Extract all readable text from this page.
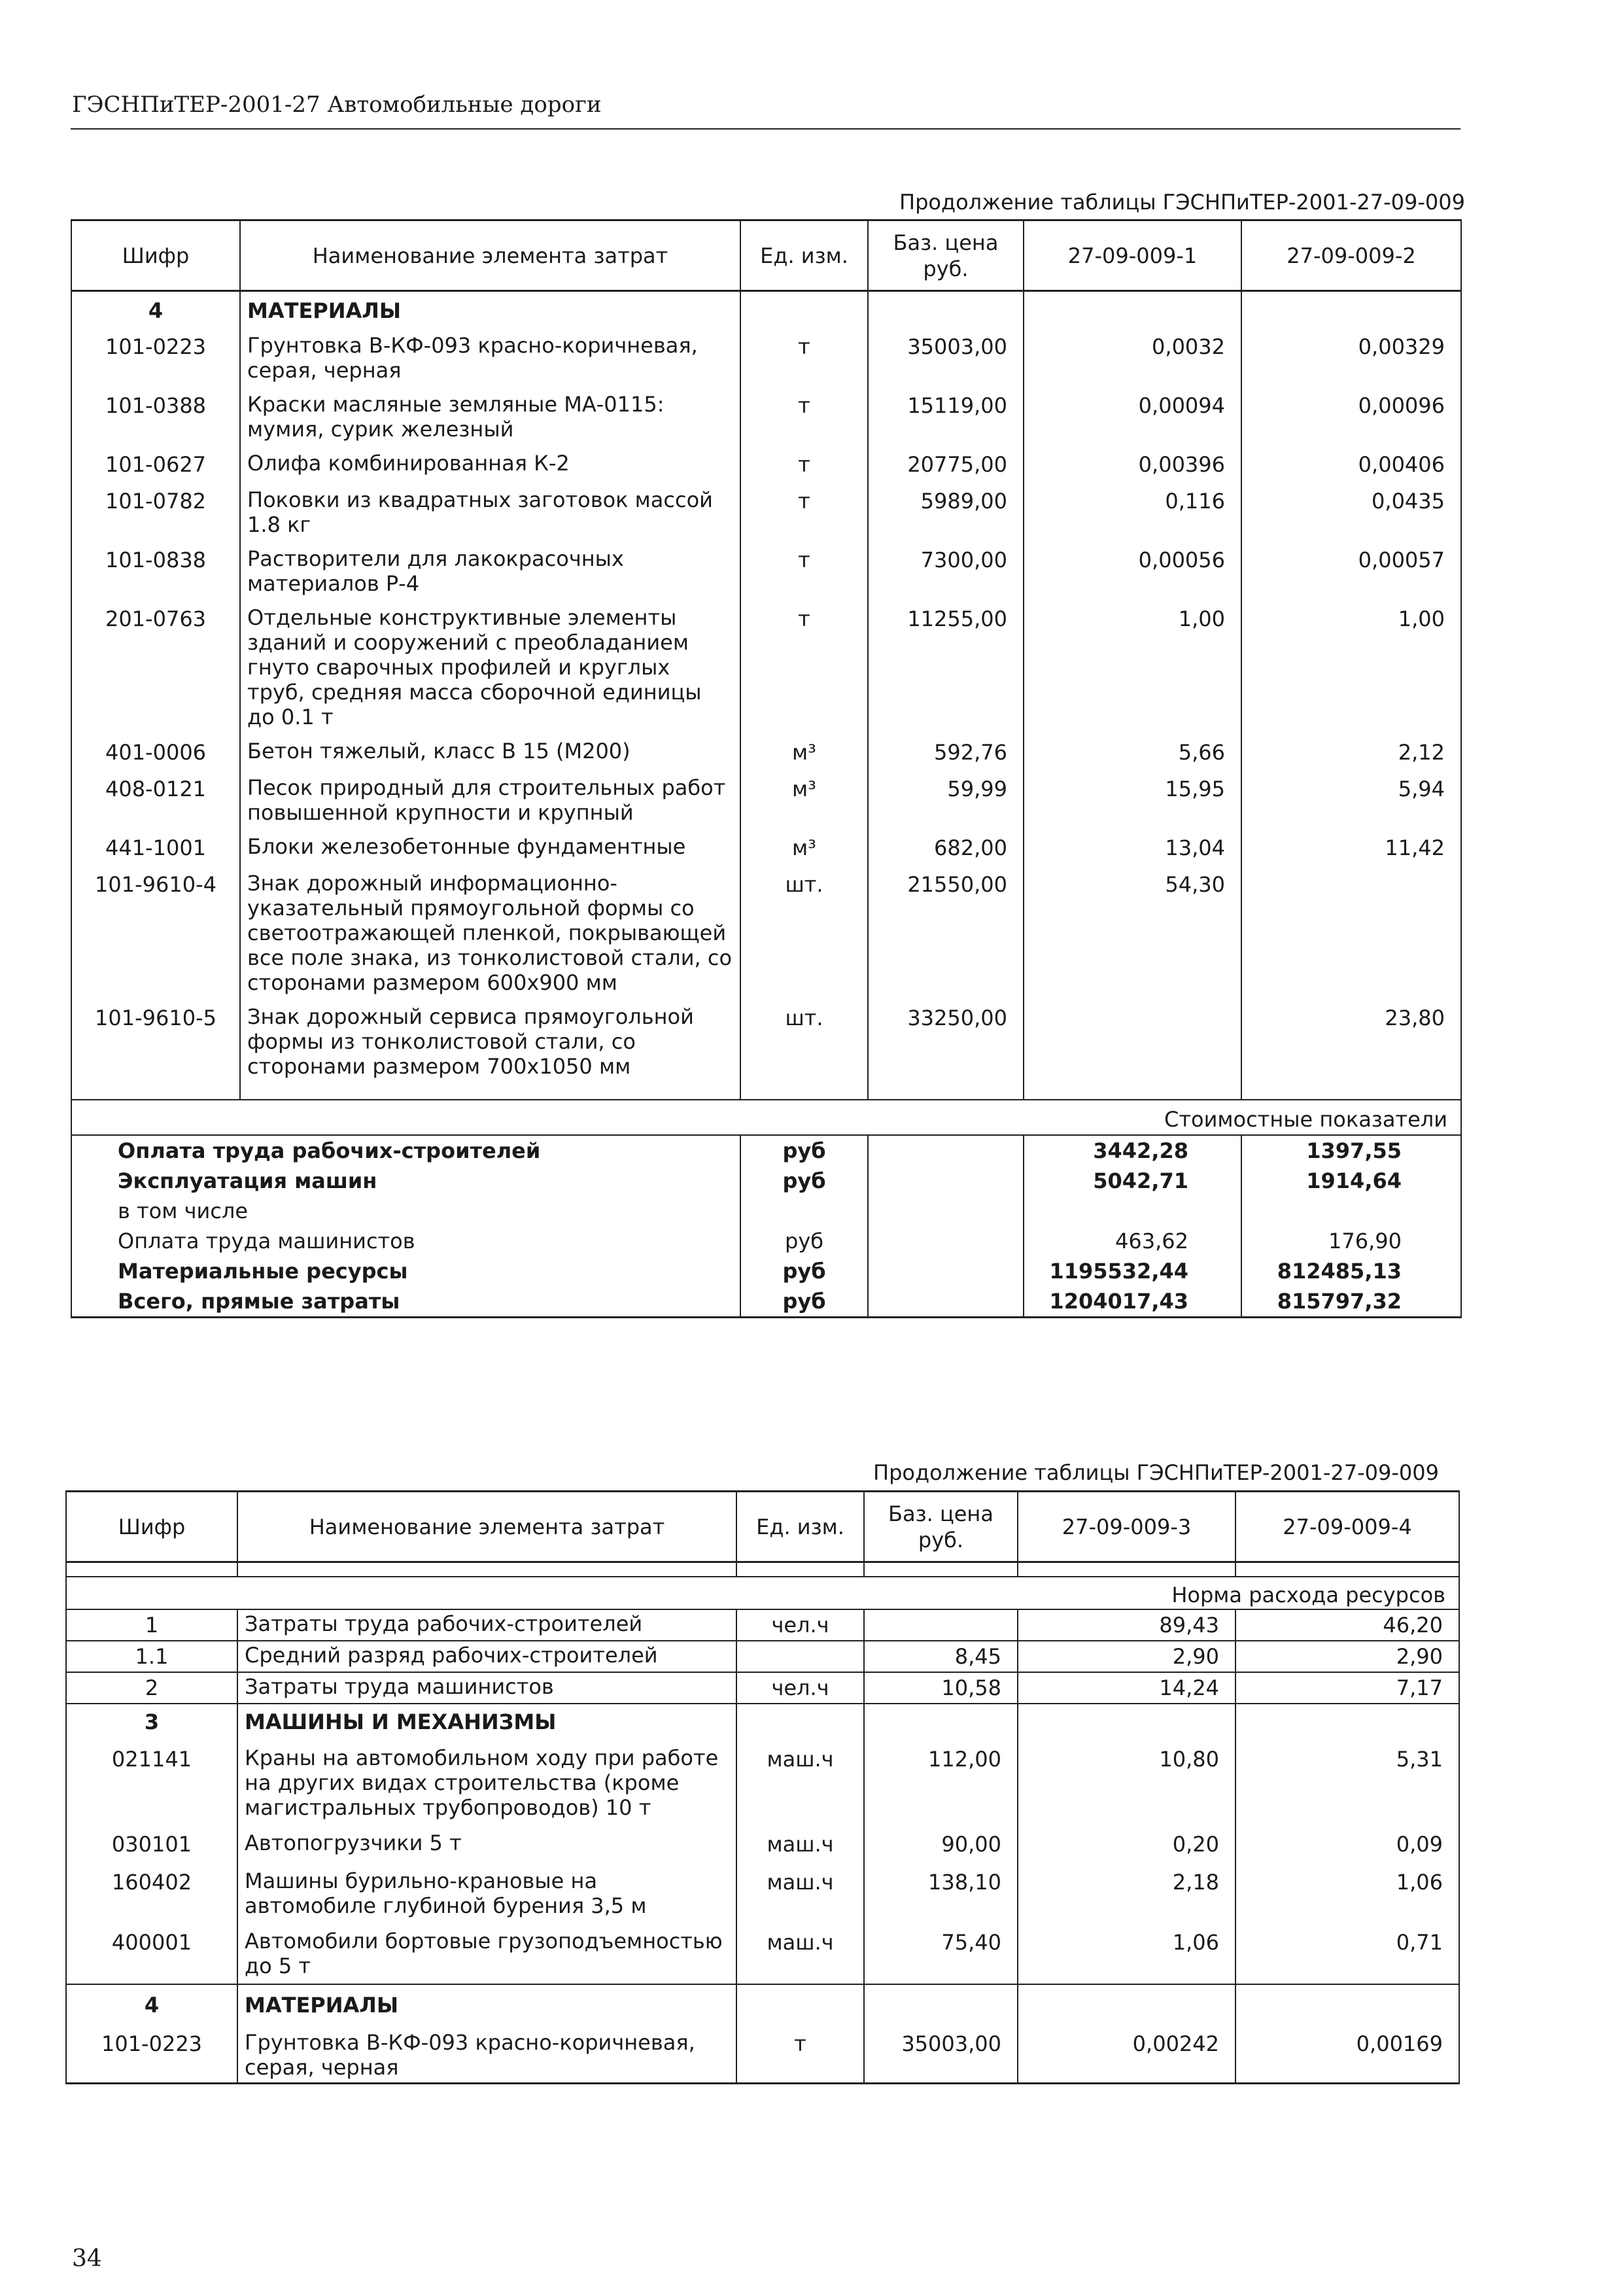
ГЭСНПиТЕР-2001-27 Автомобильные дороги
Продолжение таблицы ГЭСНПиТЕР-2001-27-09-009
Шифр	Наименование элемента затрат	Ед. изм.	Баз. цена руб.	27-09-009-1	27-09-009-2
4	МАТЕРИАЛЫ				
101-0223	Грунтовка В-КФ-093 красно-коричневая, серая, черная	т	35003,00	0,0032	0,00329
101-0388	Краски масляные земляные МА-0115: мумия, сурик железный	т	15119,00	0,00094	0,00096
101-0627	Олифа комбинированная К-2	т	20775,00	0,00396	0,00406
101-0782	Поковки из квадратных заготовок массой 1.8 кг	т	5989,00	0,116	0,0435
101-0838	Растворители для лакокрасочных материалов Р-4	т	7300,00	0,00056	0,00057
201-0763	Отдельные конструктивные элементы зданий и сооружений с преобладанием гнуто сварочных профилей и круглых труб, средняя масса сборочной единицы до 0.1 т	т	11255,00	1,00	1,00
401-0006	Бетон тяжелый, класс В 15 (М200)	м³	592,76	5,66	2,12
408-0121	Песок природный для строительных работ повышенной крупности и крупный	м³	59,99	15,95	5,94
441-1001	Блоки железобетонные фундаментные	м³	682,00	13,04	11,42
101-9610-4	Знак дорожный информационно-указательный прямоугольной формы со светоотражающей пленкой, покрывающей все поле знака, из тонколистовой стали, со сторонами размером 600х900 мм	шт.	21550,00	54,30	
101-9610-5	Знак дорожный сервиса прямоугольной формы из тонколистовой стали, со сторонами размером 700х1050 мм	шт.	33250,00		23,80

Стоимостные показатели					
Оплата труда рабочих-строителей		руб		3442,28	1397,55
Эксплуатация машин		руб		5042,71	1914,64
в том числе					
Оплата труда машинистов		руб		463,62	176,90
Материальные ресурсы		руб		1195532,44	812485,13
Всего, прямые затраты		руб		1204017,43	815797,32
Продолжение таблицы ГЭСНПиТЕР-2001-27-09-009
Шифр	Наименование элемента затрат	Ед. изм.	Баз. цена руб.	27-09-009-3	27-09-009-4

Норма расхода ресурсов					
1	Затраты труда рабочих-строителей	чел.ч		89,43	46,20
1.1	Средний разряд рабочих-строителей		8,45	2,90	2,90
2	Затраты труда машинистов	чел.ч	10,58	14,24	7,17
3	МАШИНЫ И МЕХАНИЗМЫ				
021141	Краны на автомобильном ходу при работе на других видах строительства (кроме магистральных трубопроводов) 10 т	маш.ч	112,00	10,80	5,31
030101	Автопогрузчики 5 т	маш.ч	90,00	0,20	0,09
160402	Машины бурильно-крановые на автомобиле глубиной бурения 3,5 м	маш.ч	138,10	2,18	1,06
400001	Автомобили бортовые грузоподъемностью до 5 т	маш.ч	75,40	1,06	0,71
4	МАТЕРИАЛЫ				
101-0223	Грунтовка В-КФ-093 красно-коричневая, серая, черная	т	35003,00	0,00242	0,00169
34
